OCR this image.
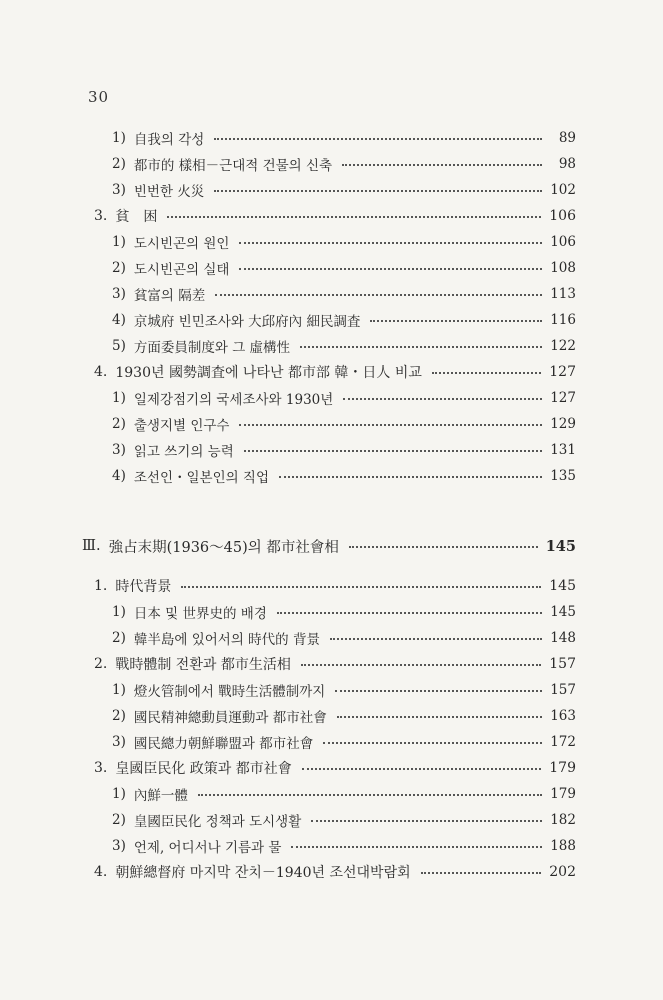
30
1) 自我의 각성	89
2) 都市的 樣相－근대적 건물의 신축	98
3) 빈번한 火災	102
3. 貧　困	106
1) 도시빈곤의 원인	106
2) 도시빈곤의 실태	108
3) 貧富의 隔差	113
4) 京城府 빈민조사와 大邱府內 細民調査	116
5) 方面委員制度와 그 虛構性	122
4. 1930년 國勢調査에 나타난 都市部 韓・日人 비교	127
1) 일제강점기의 국세조사와 1930년	127
2) 출생지별 인구수	129
3) 읽고 쓰기의 능력	131
4) 조선인・일본인의 직업	135
Ⅲ. 強占末期(1936～45)의 都市社會相	145
1. 時代背景	145
1) 日本 및 世界史的 배경	145
2) 韓半島에 있어서의 時代的 背景	148
2. 戰時體制 전환과 都市生活相	157
1) 燈火管制에서 戰時生活體制까지	157
2) 國民精神總動員運動과 都市社會	163
3) 國民總力朝鮮聯盟과 都市社會	172
3. 皇國臣民化 政策과 都市社會	179
1) 內鮮一體	179
2) 皇國臣民化 정책과 도시생활	182
3) 언제, 어디서나 기름과 물	188
4. 朝鮮總督府 마지막 잔치－1940년 조선대박람회	202
